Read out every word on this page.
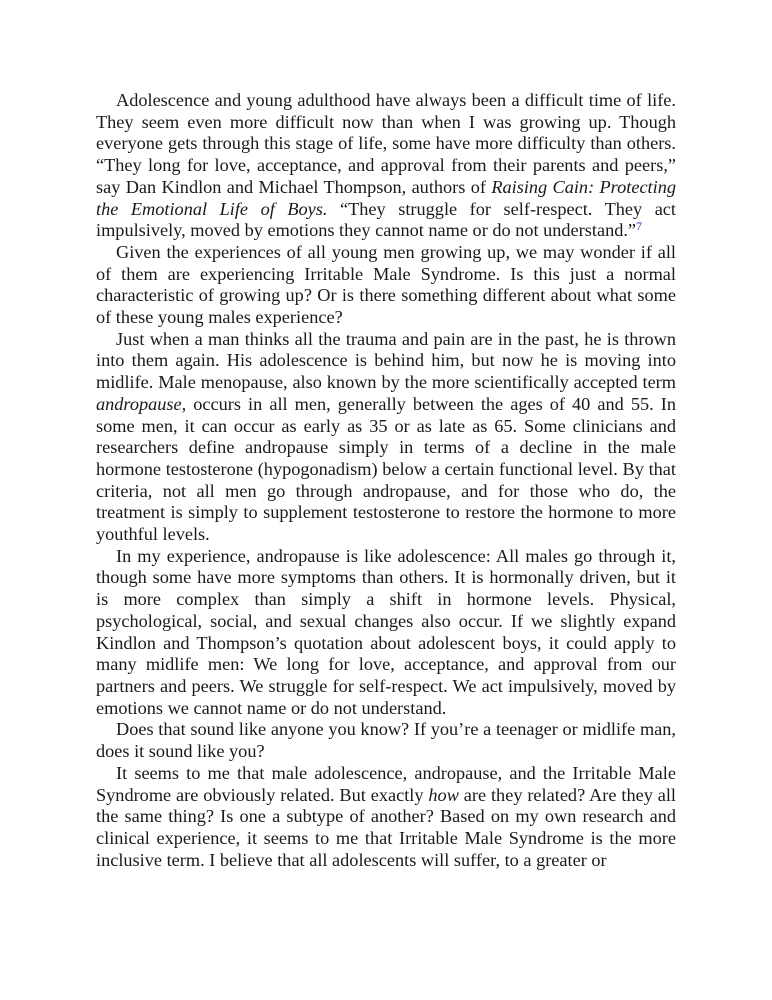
Adolescence and young adulthood have always been a difficult time of life. They seem even more difficult now than when I was growing up. Though everyone gets through this stage of life, some have more difficulty than others. “They long for love, acceptance, and approval from their parents and peers,” say Dan Kindlon and Michael Thompson, authors of Raising Cain: Protecting the Emotional Life of Boys. “They struggle for self-respect. They act impulsively, moved by emotions they cannot name or do not understand.”$^7$

Given the experiences of all young men growing up, we may wonder if all of them are experiencing Irritable Male Syndrome. Is this just a normal characteristic of growing up? Or is there something different about what some of these young males experience?

Just when a man thinks all the trauma and pain are in the past, he is thrown into them again. His adolescence is behind him, but now he is moving into midlife. Male menopause, also known by the more scientifically accepted term andropause, occurs in all men, generally between the ages of 40 and 55. In some men, it can occur as early as 35 or as late as 65. Some clinicians and researchers define andropause simply in terms of a decline in the male hormone testosterone (hypogonadism) below a certain functional level. By that criteria, not all men go through andropause, and for those who do, the treatment is simply to supplement testosterone to restore the hormone to more youthful levels.

In my experience, andropause is like adolescence: All males go through it, though some have more symptoms than others. It is hormonally driven, but it is more complex than simply a shift in hormone levels. Physical, psychological, social, and sexual changes also occur. If we slightly expand Kindlon and Thompson’s quotation about adolescent boys, it could apply to many midlife men: We long for love, acceptance, and approval from our partners and peers. We struggle for self-respect. We act impulsively, moved by emotions we cannot name or do not understand.

Does that sound like anyone you know? If you’re a teenager or midlife man, does it sound like you?

It seems to me that male adolescence, andropause, and the Irritable Male Syndrome are obviously related. But exactly how are they related? Are they all the same thing? Is one a subtype of another? Based on my own research and clinical experience, it seems to me that Irritable Male Syndrome is the more inclusive term. I believe that all adolescents will suffer, to a greater or
